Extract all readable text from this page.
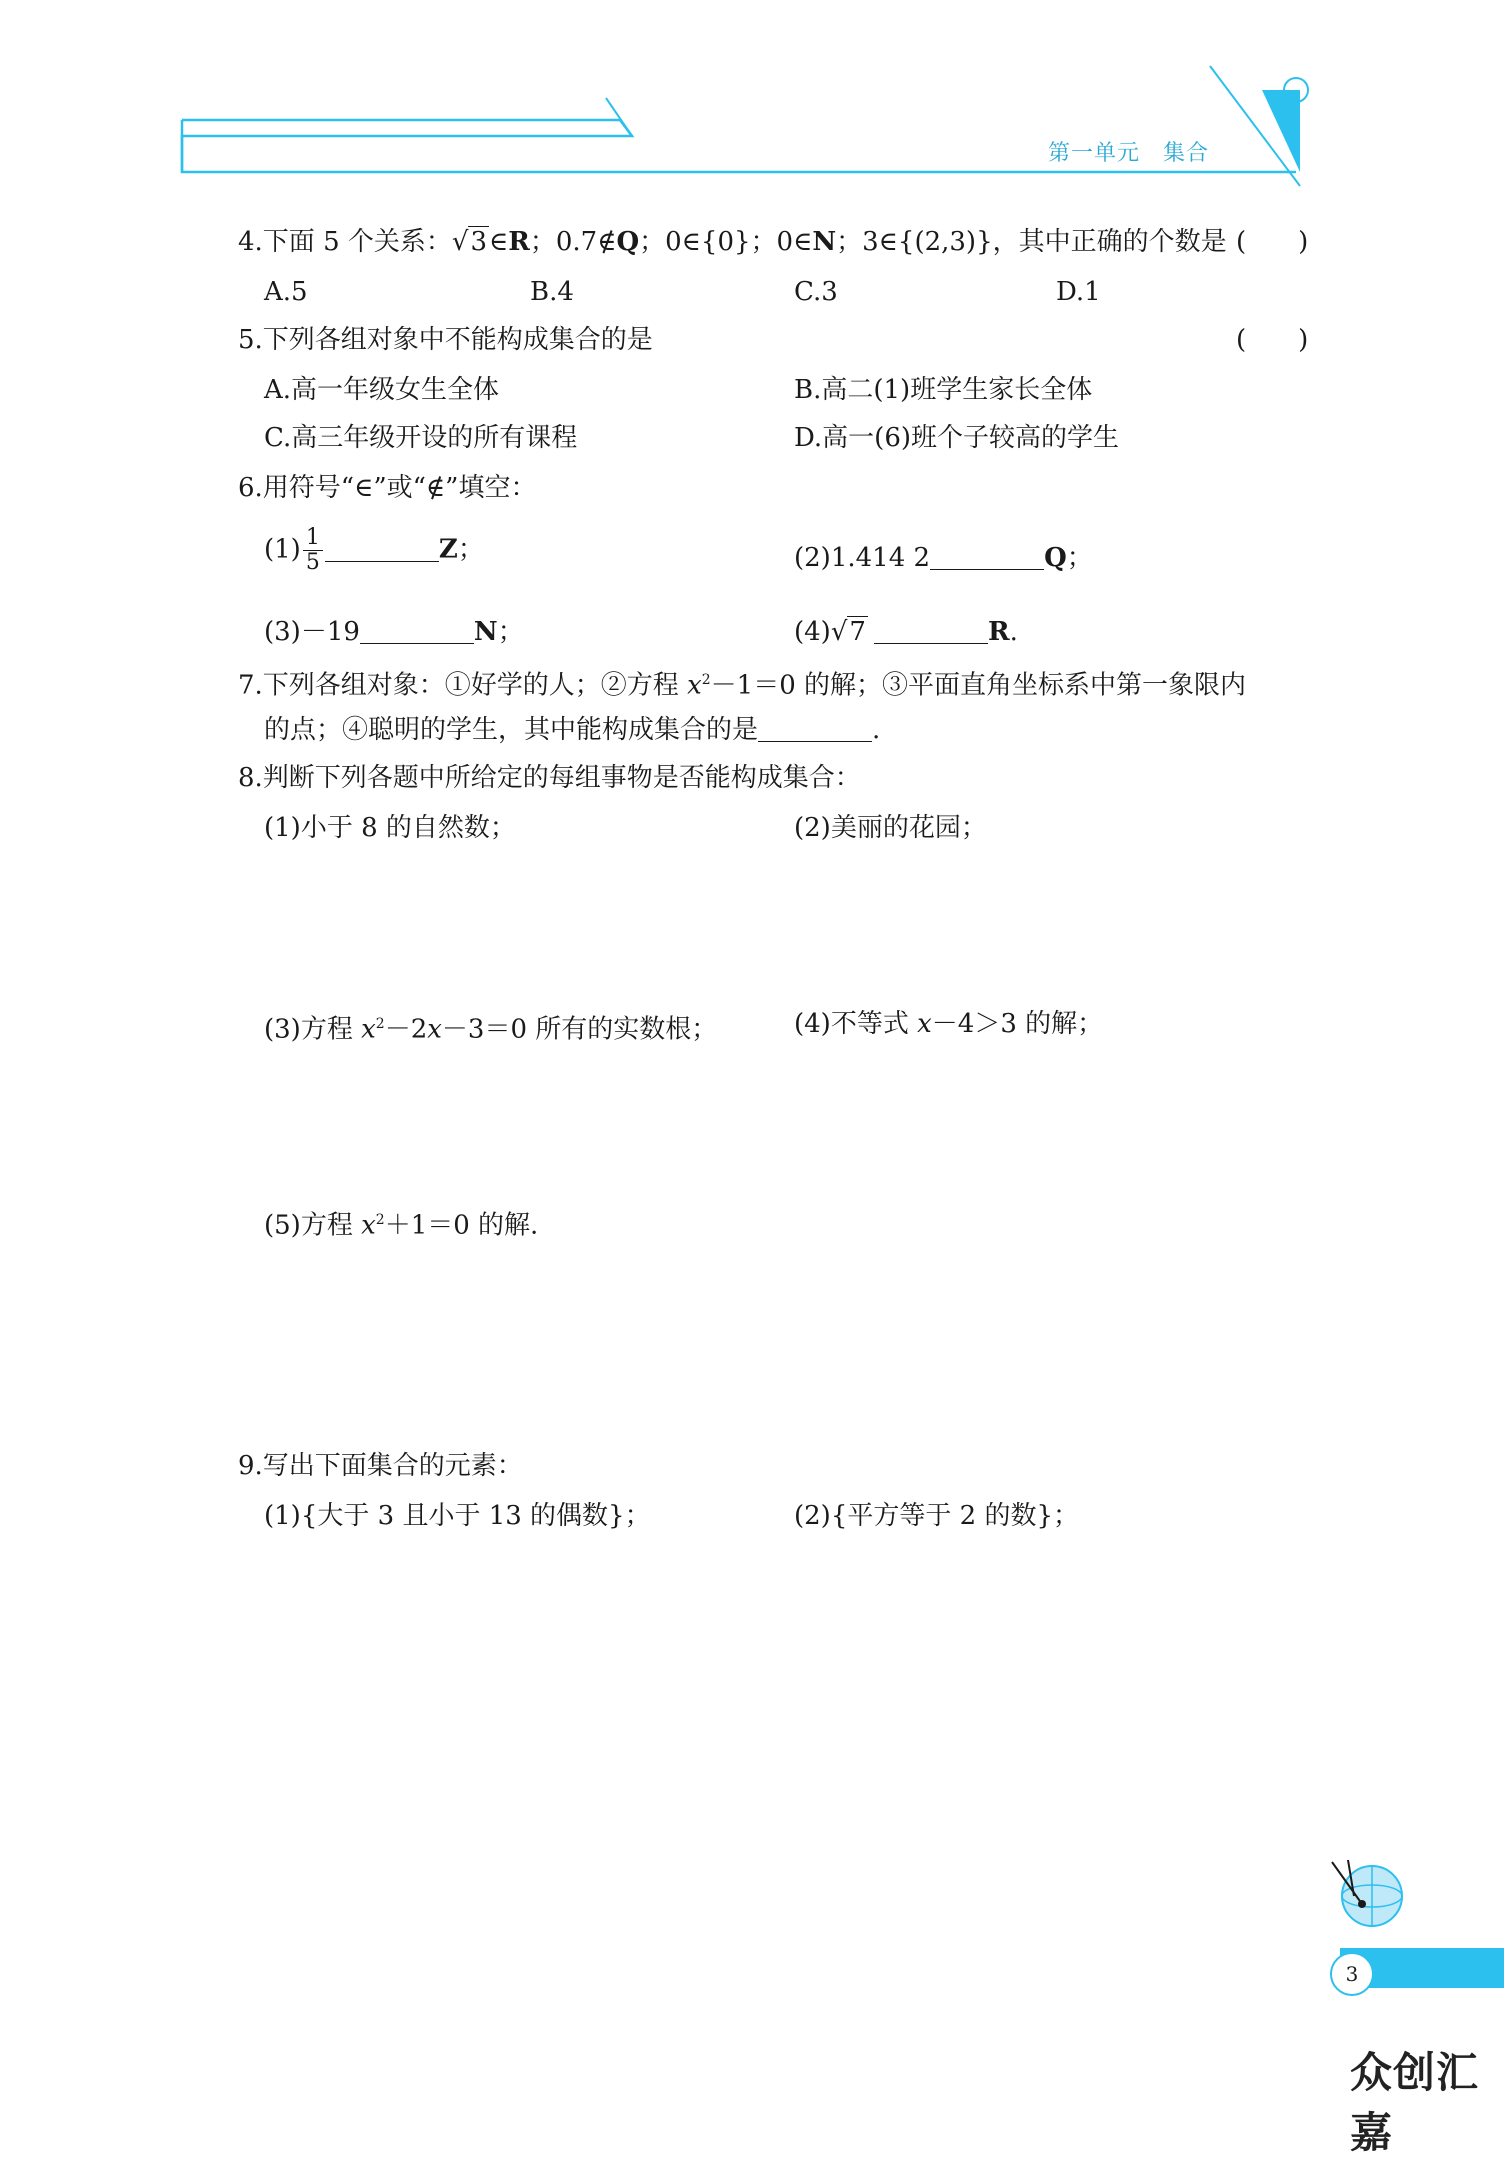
第一单元　集合
4.下面 5 个关系：√3∈R；0.7∉Q；0∈{0}；0∈N；3∈{(2,3)}，其中正确的个数是 (　　)
A.5	B.4	C.3	D.1
5.下列各组对象中不能构成集合的是	(　　)
A.高一年级女生全体	B.高二(1)班学生家长全体
C.高三年级开设的所有课程	D.高一(6)班个子较高的学生
6.用符号“∈”或“∉”填空：
$(1) \frac{1}{5}$	Z；	(2)1.414 2	Q；
(3)－19	N；	(4)√7	R.
7.下列各组对象：①好学的人；②方程 $x^2-1=0$ 的解；③平面直角坐标系中第一象限内
的点；④聪明的学生，其中能构成集合的是	.
8.判断下列各题中所给定的每组事物是否能构成集合：
(1)小于 8 的自然数；	(2)美丽的花园；
(3)方程 $x^2-2x-3=0$ 所有的实数根；	(4)不等式 x－4＞3 的解；
(5)方程 $x^2+1=0$ 的解.
9.写出下面集合的元素：
(1){大于 3 且小于 13 的偶数}；	(2){平方等于 2 的数}；
3
众创汇嘉
